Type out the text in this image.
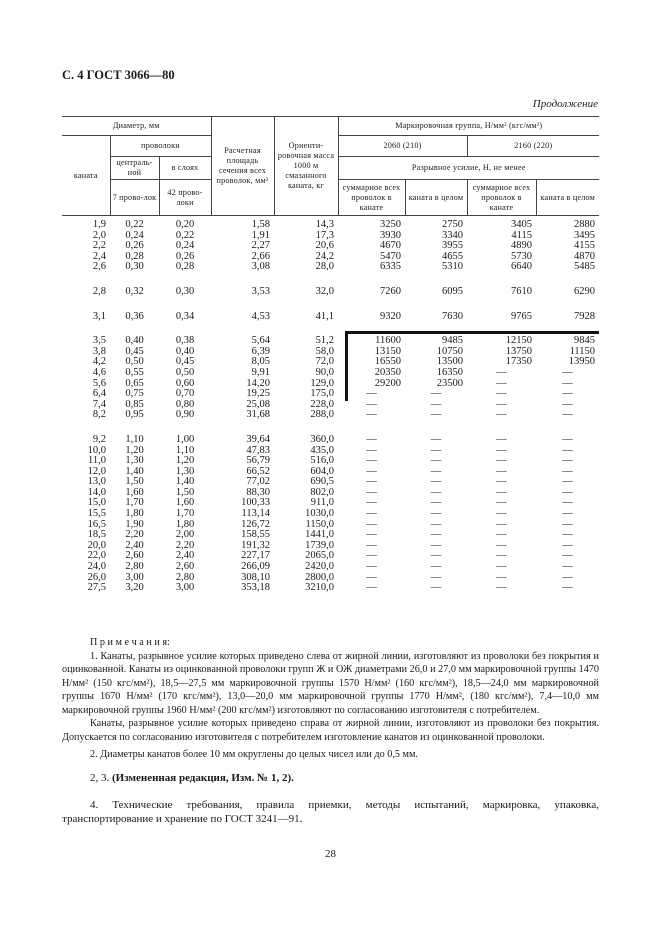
С. 4 ГОСТ 3066—80
Продолжение
Диаметр, мм			Расчетная площадь сечения всех проволок, мм²	Ориенти-ровочная масса 1000 м смазанного каната, кг	Маркировочная группа, Н/мм² (кгс/мм²)			
каната	проволоки				2060 (210)		2160 (220)	
	централь-ной	в слоях			Разрывное усилие, Н, не менее			
	7 прово-лок	42 прово-локи			суммарное всех проволок в канате	каната в целом	суммарное всех проволок в канате	каната в целом

1,9	0,22	0,20	1,58	14,3	3250	2750	3405	2880
2,0	0,24	0,22	1,91	17,3	3930	3340	4115	3495
2,2	0,26	0,24	2,27	20,6	4670	3955	4890	4155
2,4	0,28	0,26	2,66	24,2	5470	4655	5730	4870
2,6	0,30	0,28	3,08	28,0	6335	5310	6640	5485

2,8	0,32	0,30	3,53	32,0	7260	6095	7610	6290

3,1	0,36	0,34	4,53	41,1	9320	7630	9765	7928

3,5	0,40	0,38	5,64	51,2	11600	9485	12150	9845
3,8	0,45	0,40	6,39	58,0	13150	10750	13750	11150
4,2	0,50	0,45	8,05	72,0	16550	13500	17350	13950
4,6	0,55	0,50	9,91	90,0	20350	16350	—	—
5,6	0,65	0,60	14,20	129,0	29200	23500	—	—
6,4	0,75	0,70	19,25	175,0	—	—	—	—
7,4	0,85	0,80	25,08	228,0	—	—	—	—
8,2	0,95	0,90	31,68	288,0	—	—	—	—

9,2	1,10	1,00	39,64	360,0	—	—	—	—
10,0	1,20	1,10	47,83	435,0	—	—	—	—
11,0	1,30	1,20	56,79	516,0	—	—	—	—
12,0	1,40	1,30	66,52	604,0	—	—	—	—
13,0	1,50	1,40	77,02	690,5	—	—	—	—
14,0	1,60	1,50	88,30	802,0	—	—	—	—
15,0	1,70	1,60	100,33	911,0	—	—	—	—
15,5	1,80	1,70	113,14	1030,0	—	—	—	—
16,5	1,90	1,80	126,72	1150,0	—	—	—	—
18,5	2,20	2,00	158,55	1441,0	—	—	—	—
20,0	2,40	2,20	191,32	1739,0	—	—	—	—
22,0	2,60	2,40	227,17	2065,0	—	—	—	—
24,0	2,80	2,60	266,09	2420,0	—	—	—	—
26,0	3,00	2,80	308,10	2800,0	—	—	—	—
27,5	3,20	3,00	353,18	3210,0	—	—	—	—

П р и м е ч а н и я:

1. Канаты, разрывное усилие которых приведено слева от жирной линии, изготовляют из проволоки без покрытия и оцинкованной. Канаты из оцинкованной проволоки групп Ж и ОЖ диаметрами 26,0 и 27,0 мм маркировочной группы 1470 Н/мм² (150 кгс/мм²), 18,5—27,5 мм маркировочной группы 1570 Н/мм² (160 кгс/мм²), 18,5—24,0 мм маркировочной группы 1670 Н/мм² (170 кгс/мм²), 13,0—20,0 мм маркировочной группы 1770 Н/мм², (180 кгс/мм²), 7,4—10,0 мм маркировочной группы 1960 Н/мм² (200 кгс/мм²) изготовляют по согласованию изготовителя с потребителем.

Канаты, разрывное усилие которых приведено справа от жирной линии, изготовляют из проволоки без покрытия. Допускается по согласованию изготовителя с потребителем изготовление канатов из оцинкованной проволоки.

2. Диаметры канатов более 10 мм округлены до целых чисел или до 0,5 мм.

2, 3. (Измененная редакция, Изм. № 1, 2).

4. Технические требования, правила приемки, методы испытаний, маркировка, упаковка, транспортирование и хранение по ГОСТ 3241—91.

28
